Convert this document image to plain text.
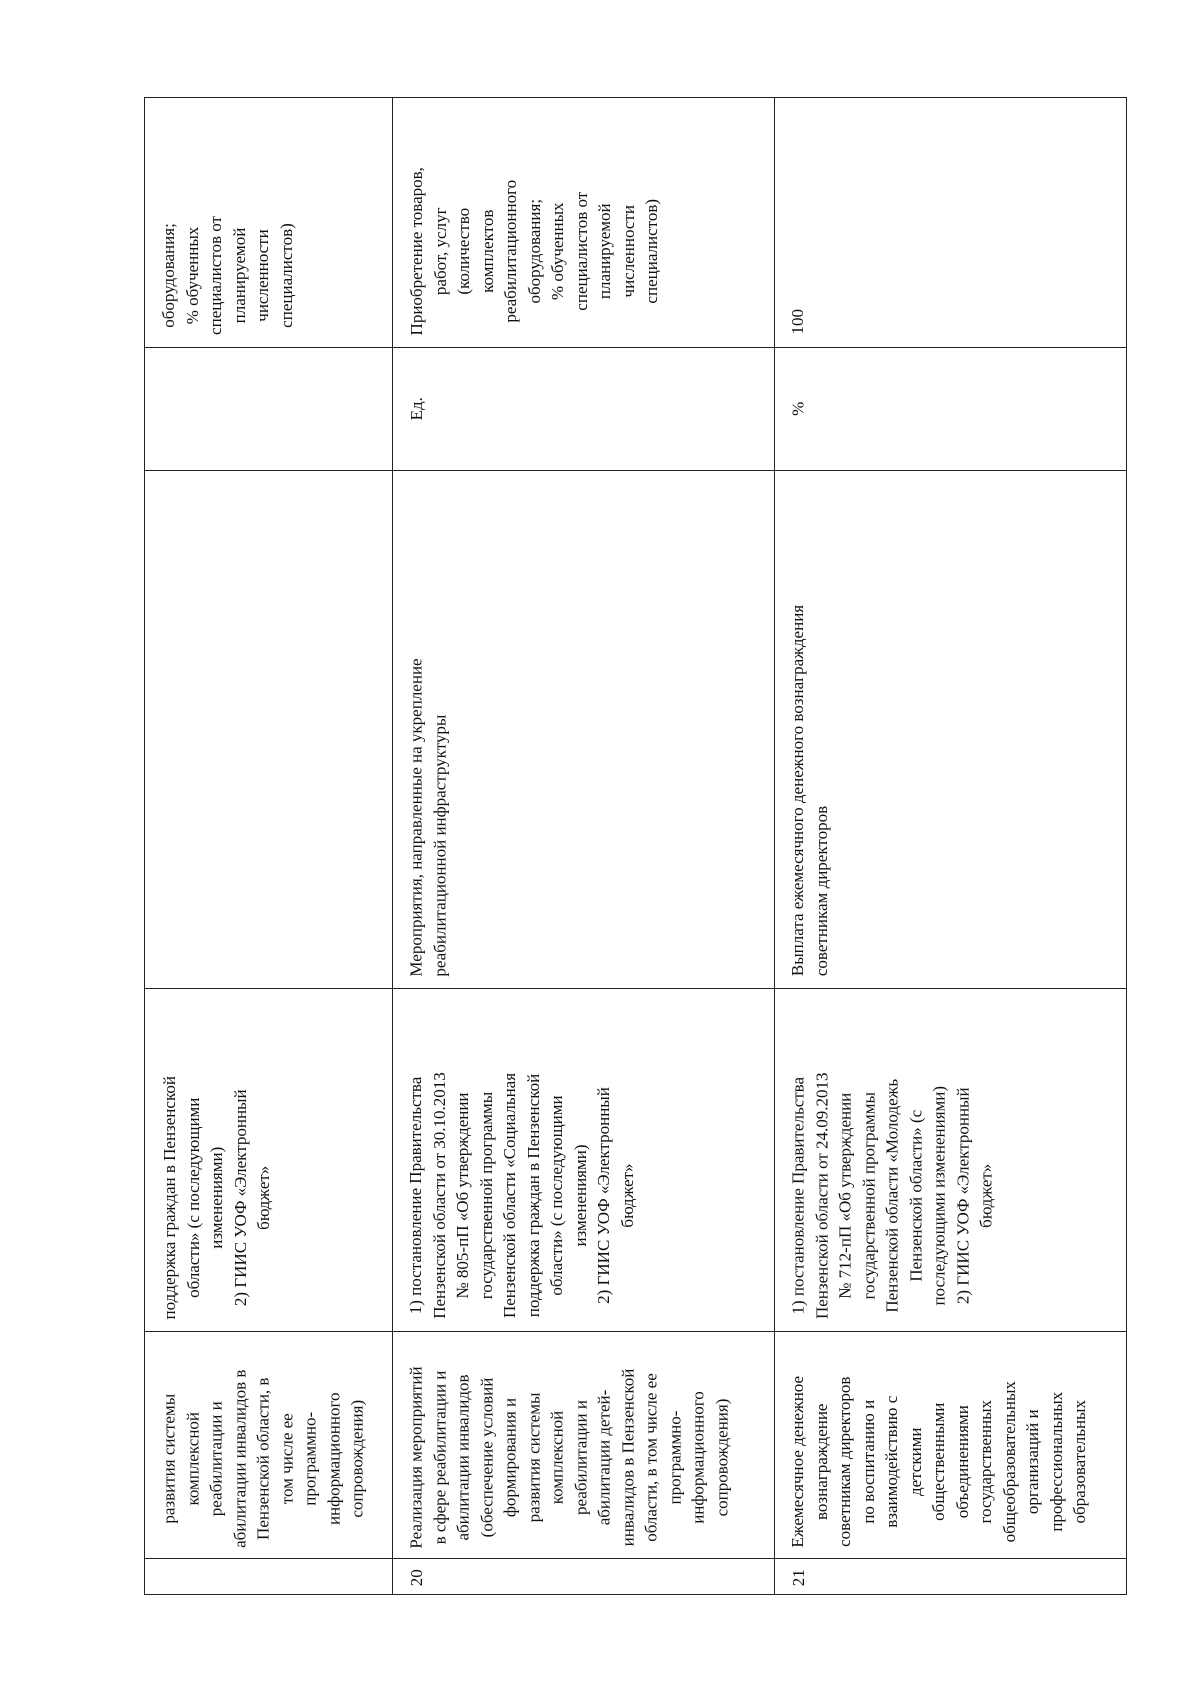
оборудования; % обученных специалистов от планируемой численности специалистов)
поддержка граждан в Пензенской области» (с последующими изменениями) 2) ГИИС УОФ «Электронный бюджет»
развития системы комплексной реабилитации и абилитации инвалидов в Пензенской области, в том числе ее программно- информационного сопровождения)
Приобретение товаров, работ, услуг (количество комплектов реабилитационного оборудования; % обученных специалистов от планируемой численности специалистов)
Ед.
Мероприятия, направленные на укрепление реабилитационной инфраструктуры
1) постановление Правительства Пензенской области от 30.10.2013 № 805-пП «Об утверждении государственной программы Пензенской области «Социальная поддержка граждан в Пензенской области» (с последующими изменениями) 2) ГИИС УОФ «Электронный бюджет»
Реализация мероприятий в сфере реабилитации и абилитации инвалидов (обеспечение условий формирования и развития системы комплексной реабилитации и абилитации детей- инвалидов в Пензенской области, в том числе ее программно- информационного сопровождения)
20
100
%
Выплата ежемесячного денежного вознаграждения советникам директоров
1) постановление Правительства Пензенской области от 24.09.2013 № 712-пП «Об утверждении государственной программы Пензенской области «Молодежь Пензенской области» (с последующими изменениями) 2) ГИИС УОФ «Электронный бюджет»
Ежемесячное денежное вознаграждение советникам директоров по воспитанию и взаимодействию с детскими общественными объединениями государственных общеобразовательных организаций и профессиональных образовательных
21
